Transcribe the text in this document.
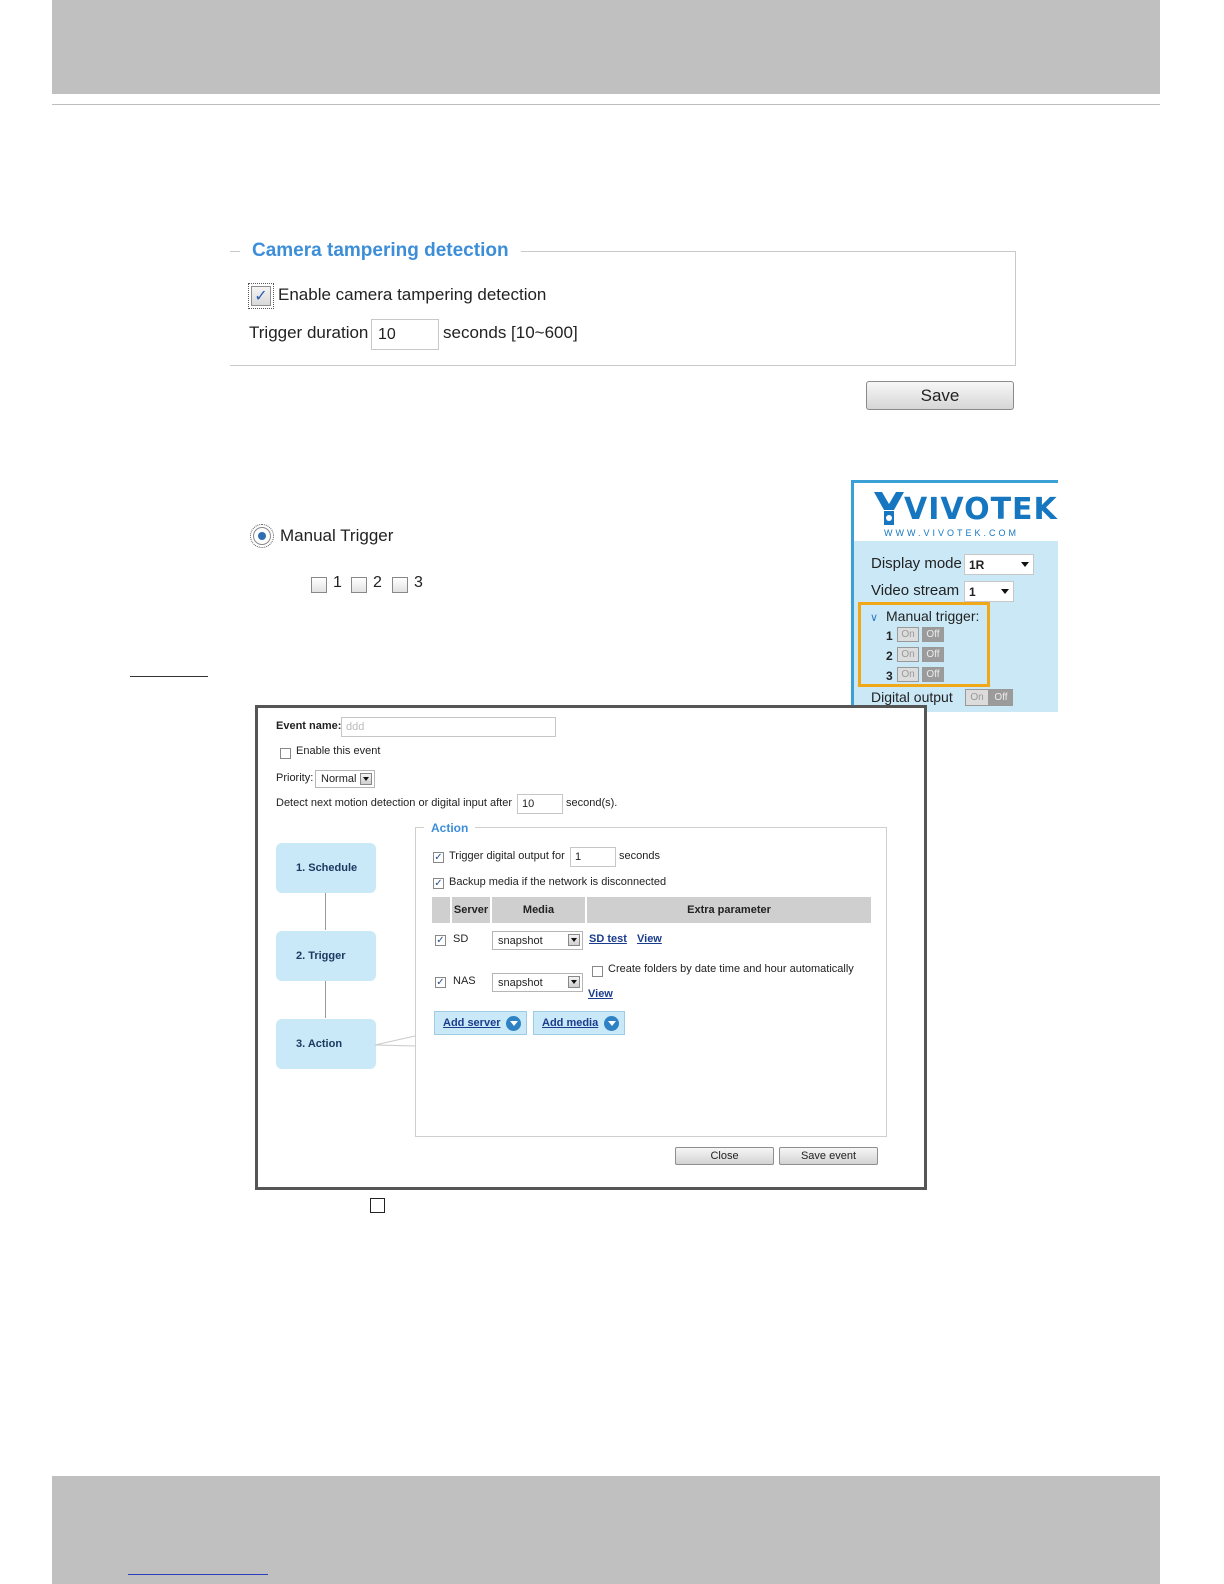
Camera tampering detection
✓ Enable camera tampering detection
Trigger duration 10	seconds [10~600]
Save
Manual Trigger
1 2 3
VIVOTEK
WWW.VIVOTEK.COM
Display mode 1R
Video stream 1
∨ Manual trigger:
1 On	Off
2 On	Off
3 On	Off
Digital output	On	Off
Event name: ddd
Enable this event
Priority: Normal
Detect next motion detection or digital input after 10	second(s).
1. Schedule
2. Trigger
3. Action
Action
✓ Trigger digital output for 1	seconds
✓ Backup media if the network is disconnected
Server	Media	Extra parameter
✓ SD	snapshot	SD test View
✓ NAS snapshot
Create folders by date time and hour automatically
View
Add server	Add media
Close	Save event
